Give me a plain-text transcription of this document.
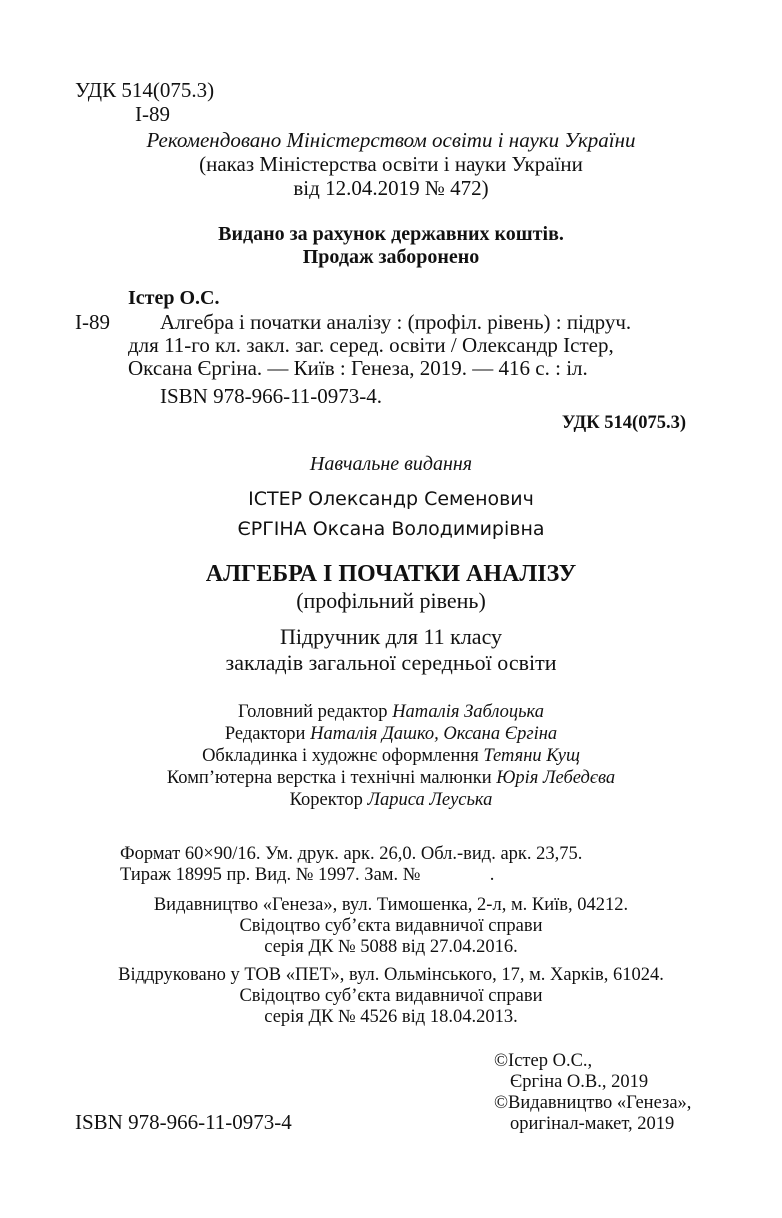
УДК 514(075.3)
І-89
Рекомендовано Міністерством освіти і науки України
(наказ Міністерства освіти і науки України
від 12.04.2019 № 472)
Видано за рахунок державних коштів.
Продаж заборонено
Істер О.С.
І-89 Алгебра і початки аналізу : (профіл. рівень) : підруч.
для 11-го кл. закл. заг. серед. освіти / Олександр Істер,
Оксана Єргіна. — Київ : Генеза, 2019. — 416 с. : іл.
ISBN 978-966-11-0973-4.
УДК 514(075.3)
Навчальне видання
ІСТЕР Олександр Семенович
ЄРГІНА Оксана Володимирівна
АЛГЕБРА І ПОЧАТКИ АНАЛІЗУ
(профільний рівень)
Підручник для 11 класу
закладів загальної середньої освіти
Головний редактор Наталія Заблоцька
Редактори Наталія Дашко, Оксана Єргіна
Обкладинка і художнє оформлення Тетяни Кущ
Комп’ютерна верстка і технічні малюнки Юрія Лебедєва
Коректор Лариса Леуська
Формат 60×90/16. Ум. друк. арк. 26,0. Обл.-вид. арк. 23,75.
Тираж 18995 пр. Вид. № 1997. Зам. №               .
Видавництво «Генеза», вул. Тимошенка, 2-л, м. Київ, 04212.
Свідоцтво суб’єкта видавничої справи
серія ДК № 5088 від 27.04.2016.
Віддруковано у ТОВ «ПЕТ», вул. Ольмінського, 17, м. Харків, 61024.
Свідоцтво суб’єкта видавничої справи
серія ДК № 4526 від 18.04.2013.
©Істер О.С.,
Єргіна О.В., 2019
©Видавництво «Генеза»,
оригінал-макет, 2019
ISBN 978-966-11-0973-4
